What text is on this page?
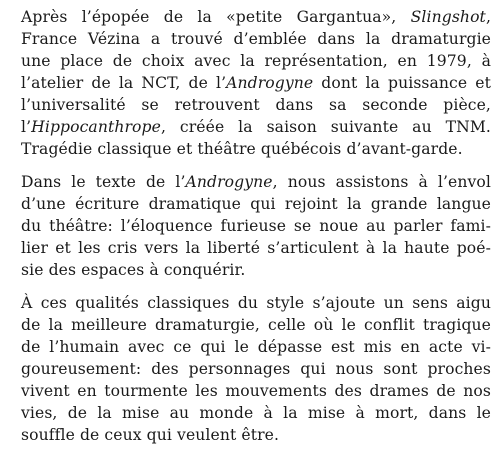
Après l’épopée de la «petite Gargantua», Slingshot,
France Vézina a trouvé d’emblée dans la dramaturgie
une place de choix avec la représentation, en 1979, à
l’atelier de la NCT, de l’Androgyne dont la puissance et
l’universalité se retrouvent dans sa seconde pièce,
l’Hippocanthrope, créée la saison suivante au TNM.
Tragédie classique et théâtre québécois d’avant-garde.
Dans le texte de l’Androgyne, nous assistons à l’envol
d’une écriture dramatique qui rejoint la grande langue
du théâtre: l’éloquence furieuse se noue au parler fami-
lier et les cris vers la liberté s’articulent à la haute poé-
sie des espaces à conquérir.
À ces qualités classiques du style s’ajoute un sens aigu
de la meilleure dramaturgie, celle où le conflit tragique
de l’humain avec ce qui le dépasse est mis en acte vi-
goureusement: des personnages qui nous sont proches
vivent en tourmente les mouvements des drames de nos
vies, de la mise au monde à la mise à mort, dans le
souffle de ceux qui veulent être.
